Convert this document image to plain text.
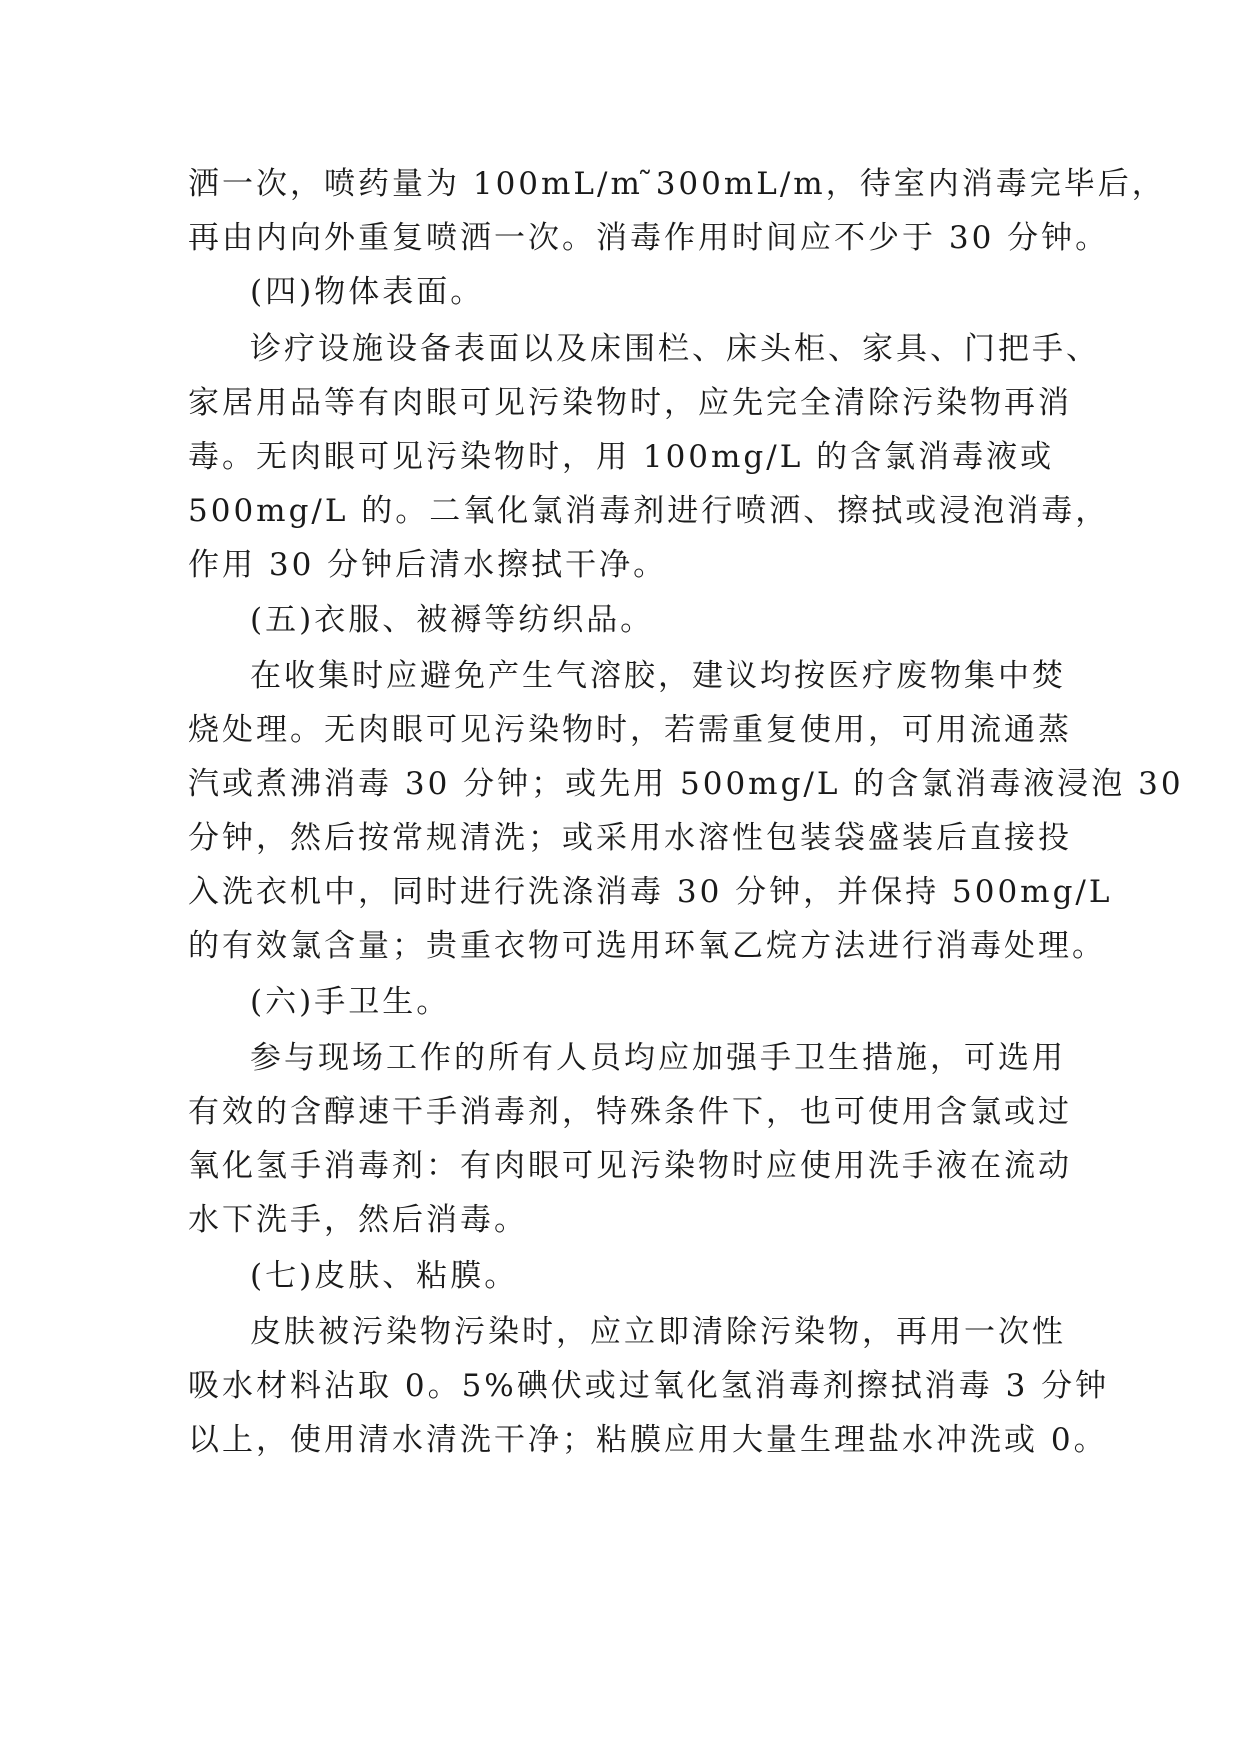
洒一次，喷药量为 100mL/m ̃300mL/m，待室内消毒完毕后，
再由内向外重复喷洒一次。消毒作用时间应不少于 30 分钟。
(四)物体表面。
诊疗设施设备表面以及床围栏、床头柜、家具、门把手、
家居用品等有肉眼可见污染物时，应先完全清除污染物再消
毒。无肉眼可见污染物时，用 100mg/L 的含氯消毒液或
500mg/L 的。二氧化氯消毒剂进行喷洒、擦拭或浸泡消毒，
作用 30 分钟后清水擦拭干净。
(五)衣服、被褥等纺织品。
在收集时应避免产生气溶胶，建议均按医疗废物集中焚
烧处理。无肉眼可见污染物时，若需重复使用，可用流通蒸
汽或煮沸消毒 30 分钟；或先用 500mg/L 的含氯消毒液浸泡 30
分钟，然后按常规清洗；或采用水溶性包装袋盛装后直接投
入洗衣机中，同时进行洗涤消毒 30 分钟，并保持 500mg/L
的有效氯含量；贵重衣物可选用环氧乙烷方法进行消毒处理。
(六)手卫生。
参与现场工作的所有人员均应加强手卫生措施，可选用
有效的含醇速干手消毒剂，特殊条件下，也可使用含氯或过
氧化氢手消毒剂：有肉眼可见污染物时应使用洗手液在流动
水下洗手，然后消毒。
(七)皮肤、粘膜。
皮肤被污染物污染时，应立即清除污染物，再用一次性
吸水材料沾取 0。5%碘伏或过氧化氢消毒剂擦拭消毒 3 分钟
以上，使用清水清洗干净；粘膜应用大量生理盐水冲洗或 0。
